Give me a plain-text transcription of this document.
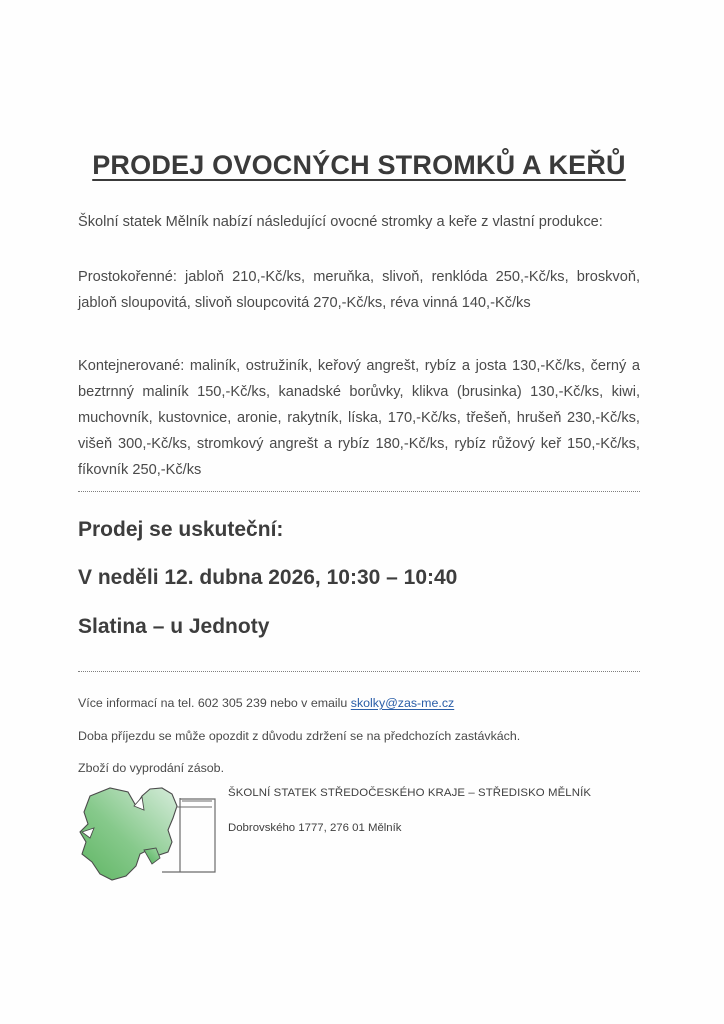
PRODEJ OVOCNÝCH STROMKŮ A KEŘŮ
Školní statek Mělník nabízí následující ovocné stromky a keře z vlastní produkce:
Prostokořenné: jabloň 210,-Kč/ks, meruňka, slivoň, renklóda 250,-Kč/ks, broskvoň, jabloň sloupovitá, slivoň sloupcovitá 270,-Kč/ks, réva vinná 140,-Kč/ks
Kontejnerované: maliník, ostružiník, keřový angrešt, rybíz a josta 130,-Kč/ks, černý a beztrnný maliník 150,-Kč/ks, kanadské borůvky, klikva (brusinka) 130,-Kč/ks, kiwi, muchovník, kustovnice, aronie, rakytník, líska, 170,-Kč/ks, třešeň, hrušeň 230,-Kč/ks, višeň 300,-Kč/ks, stromkový angrešt a rybíz 180,-Kč/ks, rybíz růžový keř 150,-Kč/ks, fíkovník 250,-Kč/ks
Prodej se uskuteční:
V neděli 12. dubna 2026, 10:30 – 10:40
Slatina – u Jednoty
Více informací na tel. 602 305 239 nebo v emailu skolky@zas-me.cz
Doba příjezdu se může opozdit z důvodu zdržení se na předchozích zastávkách.
Zboží do vyprodání zásob.
ŠKOLNÍ STATEK STŘEDOČESKÉHO KRAJE – STŘEDISKO MĚLNÍK
Dobrovského 1777, 276 01 Mělník
